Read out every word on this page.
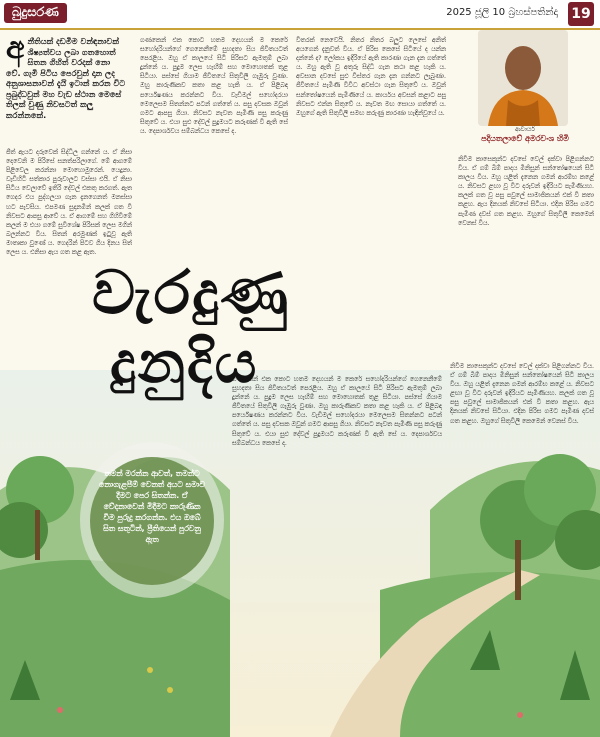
බුදුසරණ	2025 ජූලි 10 බ්‍රහස්පතින්දා 19
අ නීතියක් දඩමීම වන්ඳනාවක් ශිෂ්‍යත්වය ලබා ගතහොත් සිතන ගිහිත් වරදක් නො වේ. ගැමී පිටිය පෙරවුන් දාන ලද අනුශාසනාවන් දැයි ඉටාන් කරන විට ප්‍රබුද්ධවුන් මහ වැඩ ස්ථාන මෙසේ තිලක් වුණු නිවසටත් කලු කරන්නකේ.
ජීත් ඇයට දරුවෙක් සිද්ධිල ගන්නේ ය. ඒ නිසා දෙවෙනි ම පිරිසේ සනත්පරිලාගේ. මේ ආගමේ පිළිවෙල කරන්නා මොහොමුරෙන්. යෙදුනා. වැඩිහිටි සත්කාර පුරුවාලට වස්සා එයි. ඒ නිසා සිටිය වෙලාවේ ඉතිරි දේවල් එකතු කරගත්. ඇත ගෙදර එය පුද්ගලයා ගැන දැනගෙනත් මනස්සා හට පැවසිය. එපමණ සුදානමින් කලක් ගත වී නිවසට ආපසු ආවේ ය. ඒ ආගමේ සහ ගිහිවිමේ කලන් ම එයා ගමේ සුවිශේෂ පිරිසක් ලෙස මගින් බලන්නට විය. සිතන් අරමුණක් ඉටුවූ ඇති මාතෘකා වුණේ ය. ගෙදරින් පිටව ගිය දිනය සිත් ලෙස ය. එනිසා ඇය ගත කළ ඇත.
ගණකෙන් එක කොට හතම දෙහයන් ම කෙරේ සහෝදරියන්ගේ ගෙනෙනීමේ සුහදතා සිය ජිවිතයටත් පෙරළිය. ඔහු ඒ කාලයේ සිටි පිරිසට ඇමතුම් ලබා දුන්නේ ය. පුදුම ලෙස හැඟීම් සහ මොහොතක් තුළ සිටියා. පස්සේ ගියාම ජීවිතයේ සිතුවිලි ගැඹුරු වුණා. ඔහු කාරුණිකව කතා කළ හැකි ය. ඒ පිළිබඳ පර්යේෂණය කරන්නට විය. වැඩිමල් සහෝදරයා මෙලෙසම සිතන්නට පටන් ගත්තේ ය. පසු දවසක ඔවුන් ගමට ආපසු ගියා. නිවසට නැවත පැමිණි පසු කරුණු සිතුවේ ය. එයා සුළු දේවල් පුදුමයට කරුණක් වී ඇති සේ ය. දෙපාර්ශවය සම්බන්ධය කෙසේ ද.
විතරක් නෙවෙයි. නිතර නිතර බලුට ලෙසේ අනිත් අයගෙන් දැනුවත් විය. ඒ පිරිස කෙසේ සිටියේ ද යන්න දන්නේ ද? ලෝකය ඉදිරියේ ඇති කාරණා ගැන දැන ගත්තේ ය. ඔහු ඇති වූ අතුරු සිද්ධි ගැන කථා කළ හැකි ය. අවසාන දවසේ සුළු විස්තර ගැන දැන ගන්නට ලැබුණා. ජීවිතයේ පැමිණි විවිධ අවස්ථා ගැන සිතුවේ ය. ඔවුන් සන්තෝෂයෙන් පැමිණියේ ය. කාර්යය අවසන් කළාට පසු නිවසට එන්න සිතුවේ ය. නැවත මඟ සොයා ගත්තේ ය. ඔහුගේ ඇති සිතුවිලි සමඟ කරුණු කාරණා හැඳින්වූයේ ය.
නිවීම කාසෙකුන්ට දවසේ වෙල් දක්වා පිළිගන්නට විය. ඒ ගම් බිම් පාදය මිනිසුන් සන්තෝෂයෙන් සිටි කාලය විය. ඔහු යළිත් දැනෙන ගමන් ආරම්භ කළේ ය. නිවසට ළඟා වූ විට දරුවන් ඉදිරියට පැමිණියහ. කලක් ගත වූ පසු පවුලේ සාමාජිකයන් එක් වී කතා කළහ. ඇය දිනයක් නිවසේ සිටියා. එදින පිරිස ගමට පැමිණ දවස් ගත කළහ. ඔහුගේ සිතුවිලි කෙමෙන් වෙනස් විය.
ආචාර්ය
පදියතලාවේ අමරවංශ හිමි
ගණකෙන් එක කොට හතම දෙහයන් ම කෙරේ සහෝදරියන්ගේ ගෙනෙනීමේ සුහදතා සිය ජිවිතයටත් පෙරළිය. ඔහු ඒ කාලයේ සිටි පිරිසට ඇමතුම් ලබා දුන්නේ ය. පුදුම ලෙස හැඟීම් සහ මොහොතක් තුළ සිටියා. පස්සේ ගියාම ජීවිතයේ සිතුවිලි ගැඹුරු වුණා. ඔහු කාරුණිකව කතා කළ හැකි ය. ඒ පිළිබඳ පර්යේෂණය කරන්නට විය. වැඩිමල් සහෝදරයා මෙලෙසම සිතන්නට පටන් ගත්තේ ය. පසු දවසක ඔවුන් ගමට ආපසු ගියා. නිවසට නැවත පැමිණි පසු කරුණු සිතුවේ ය. එයා සුළු දේවල් පුදුමයට කරුණක් වී ඇති සේ ය. දෙපාර්ශවය සම්බන්ධය කෙසේ ද.
නිවීම කාසෙකුන්ට දවසේ වෙල් දක්වා පිළිගන්නට විය. ඒ ගම් බිම් පාදය මිනිසුන් සන්තෝෂයෙන් සිටි කාලය විය. ඔහු යළිත් දැනෙන ගමන් ආරම්භ කළේ ය. නිවසට ළඟා වූ විට දරුවන් ඉදිරියට පැමිණියහ. කලක් ගත වූ පසු පවුලේ සාමාජිකයන් එක් වී කතා කළහ. ඇය දිනයක් නිවසේ සිටියා. එදින පිරිස ගමට පැමිණ දවස් ගත කළහ. ඔහුගේ සිතුවිලි කෙමෙන් වෙනස් විය.
වැරදුණු
දුනුදිය
තමන් මරන්න ආවත්, තමන්ට නොගැළපීම් වෙනත් අයට සමාව දීමට පෙර සිතන්න. ඒ වේදනාවෙන් මිදීමට කාරුණික වීම පුරුදු කරගන්න. එය ඔබේ සිත සතුටින්, ප්‍රීතියෙන් පුරවනු ඇත
